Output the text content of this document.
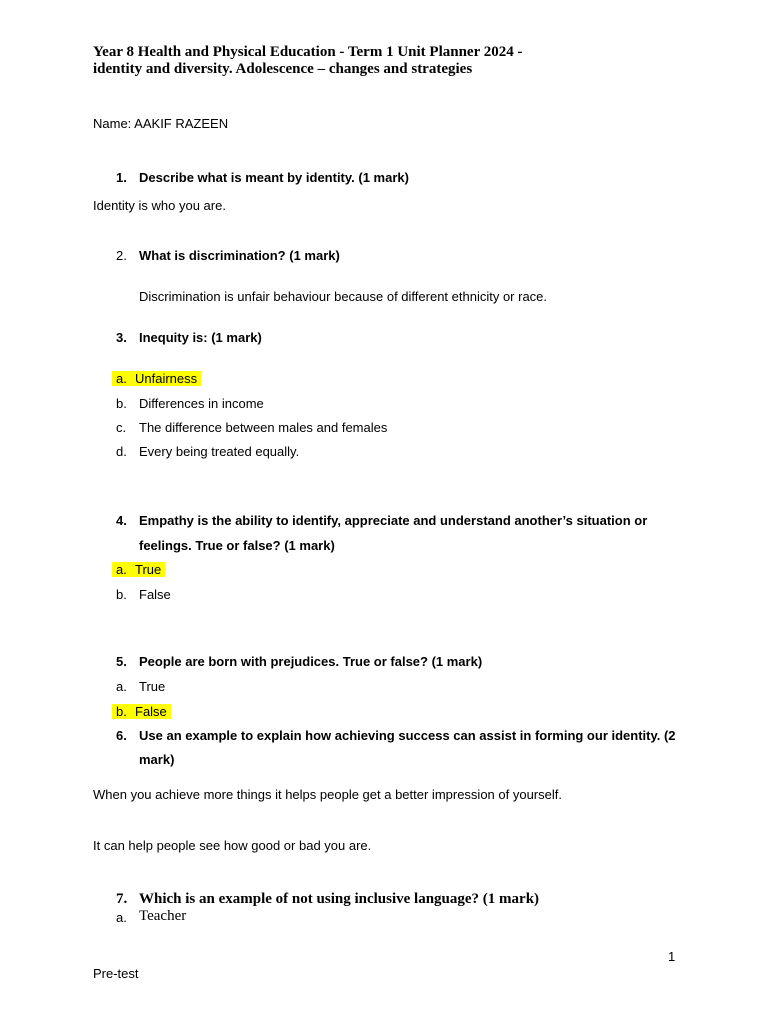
Year 8 Health and Physical Education - Term 1 Unit Planner 2024 -
identity and diversity. Adolescence – changes and strategies
Name: AAKIF RAZEEN
1. Describe what is meant by identity. (1 mark)
Identity is who you are.
2. What is discrimination? (1 mark)
Discrimination is unfair behaviour because of different ethnicity or race.
3. Inequity is: (1 mark)
a. Unfairness
b. Differences in income
c. The difference between males and females
d. Every being treated equally.
4. Empathy is the ability to identify, appreciate and understand another’s situation or
feelings. True or false? (1 mark)
a. True
b. False
5. People are born with prejudices. True or false? (1 mark)
a. True
b. False
6. Use an example to explain how achieving success can assist in forming our identity. (2
mark)
When you achieve more things it helps people get a better impression of yourself.
It can help people see how good or bad you are.
7. Which is an example of not using inclusive language? (1 mark)
a. Teacher
1
Pre-test
